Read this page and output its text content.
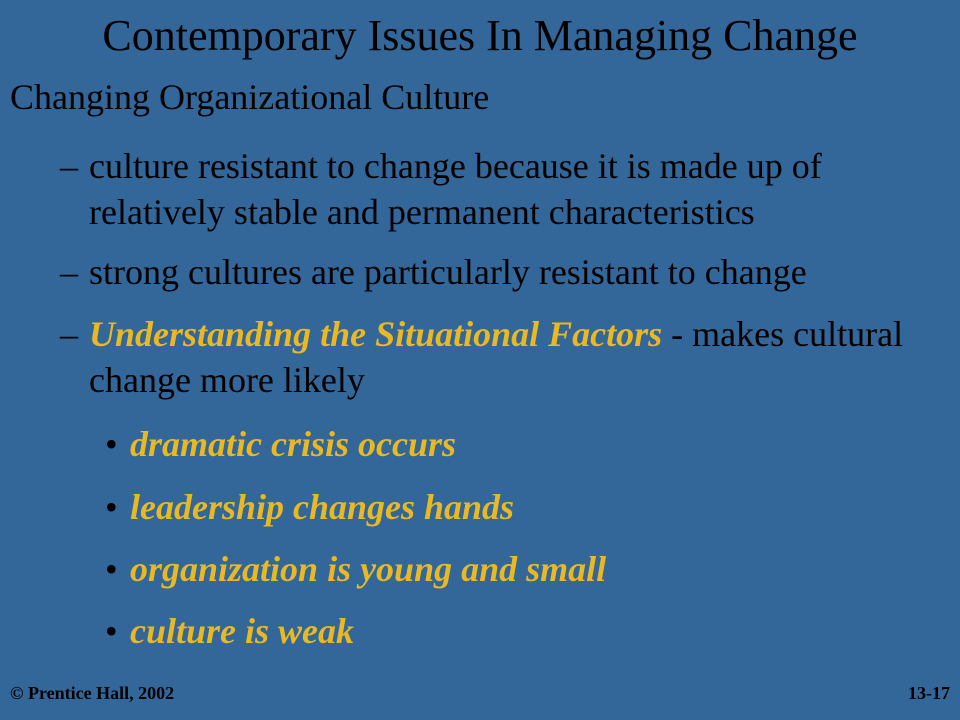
Contemporary Issues In Managing Change
Changing Organizational Culture
– culture resistant to change because it is made up of relatively stable and permanent characteristics
– strong cultures are particularly resistant to change
– Understanding the Situational Factors - makes cultural change more likely
• dramatic crisis occurs
• leadership changes hands
• organization is young and small
• culture is weak
© Prentice Hall, 2002	13-17
